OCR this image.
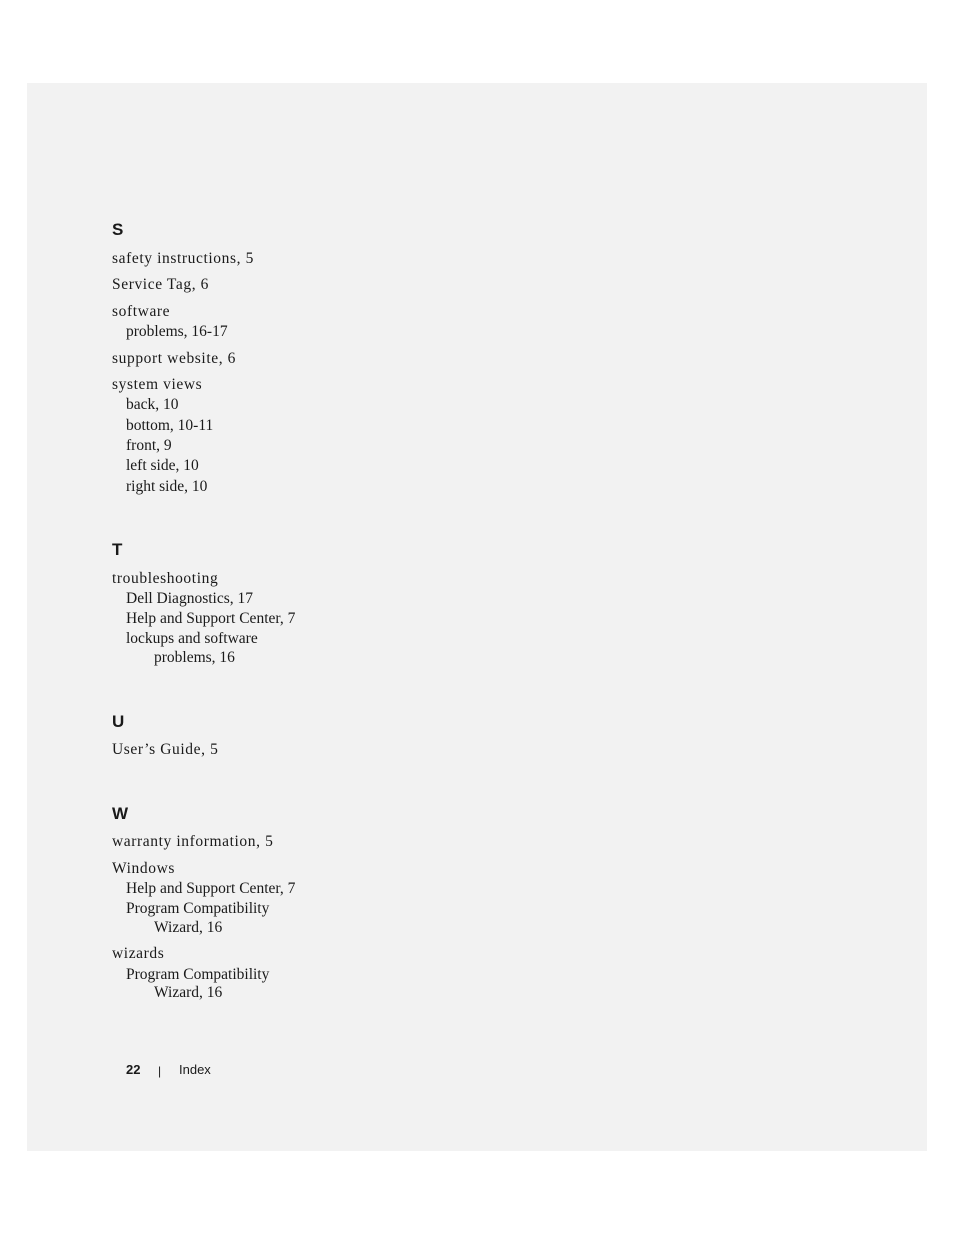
S
safety instructions, 5
Service Tag, 6
software
problems, 16-17
support website, 6
system views
back, 10
bottom, 10-11
front, 9
left side, 10
right side, 10
T
troubleshooting
Dell Diagnostics, 17
Help and Support Center, 7
lockups and software
problems, 16
U
User’s Guide, 5
W
warranty information, 5
Windows
Help and Support Center, 7
Program Compatibility
Wizard, 16
wizards
Program Compatibility
Wizard, 16
22 | Index
